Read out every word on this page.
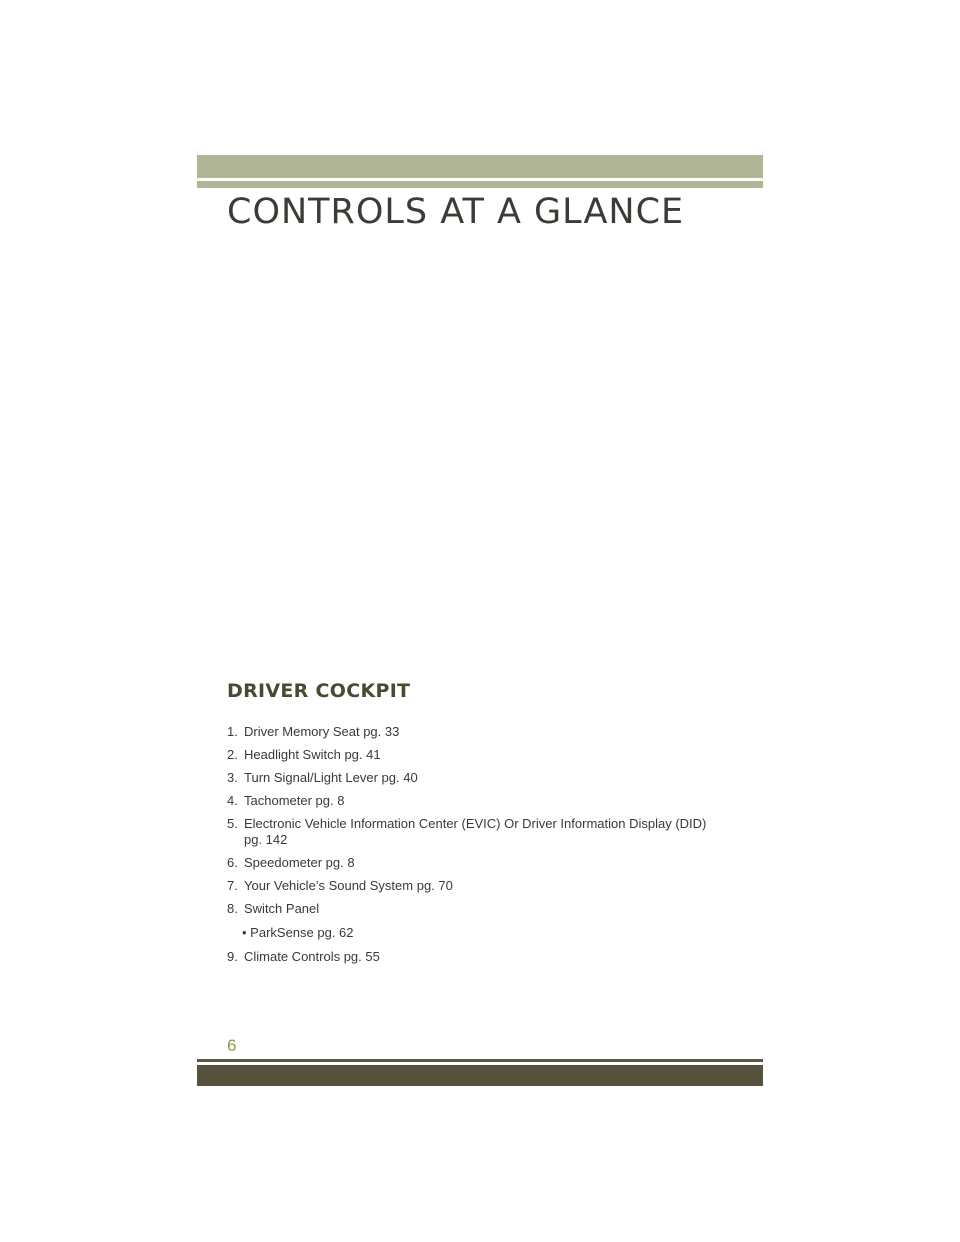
CONTROLS AT A GLANCE
DRIVER COCKPIT
1. Driver Memory Seat pg. 33
2. Headlight Switch pg. 41
3. Turn Signal/Light Lever pg. 40
4. Tachometer pg. 8
5. Electronic Vehicle Information Center (EVIC) Or Driver Information Display (DID)
pg. 142
6. Speedometer pg. 8
7. Your Vehicle’s Sound System pg. 70
8. Switch Panel
• ParkSense pg. 62
9. Climate Controls pg. 55
6
